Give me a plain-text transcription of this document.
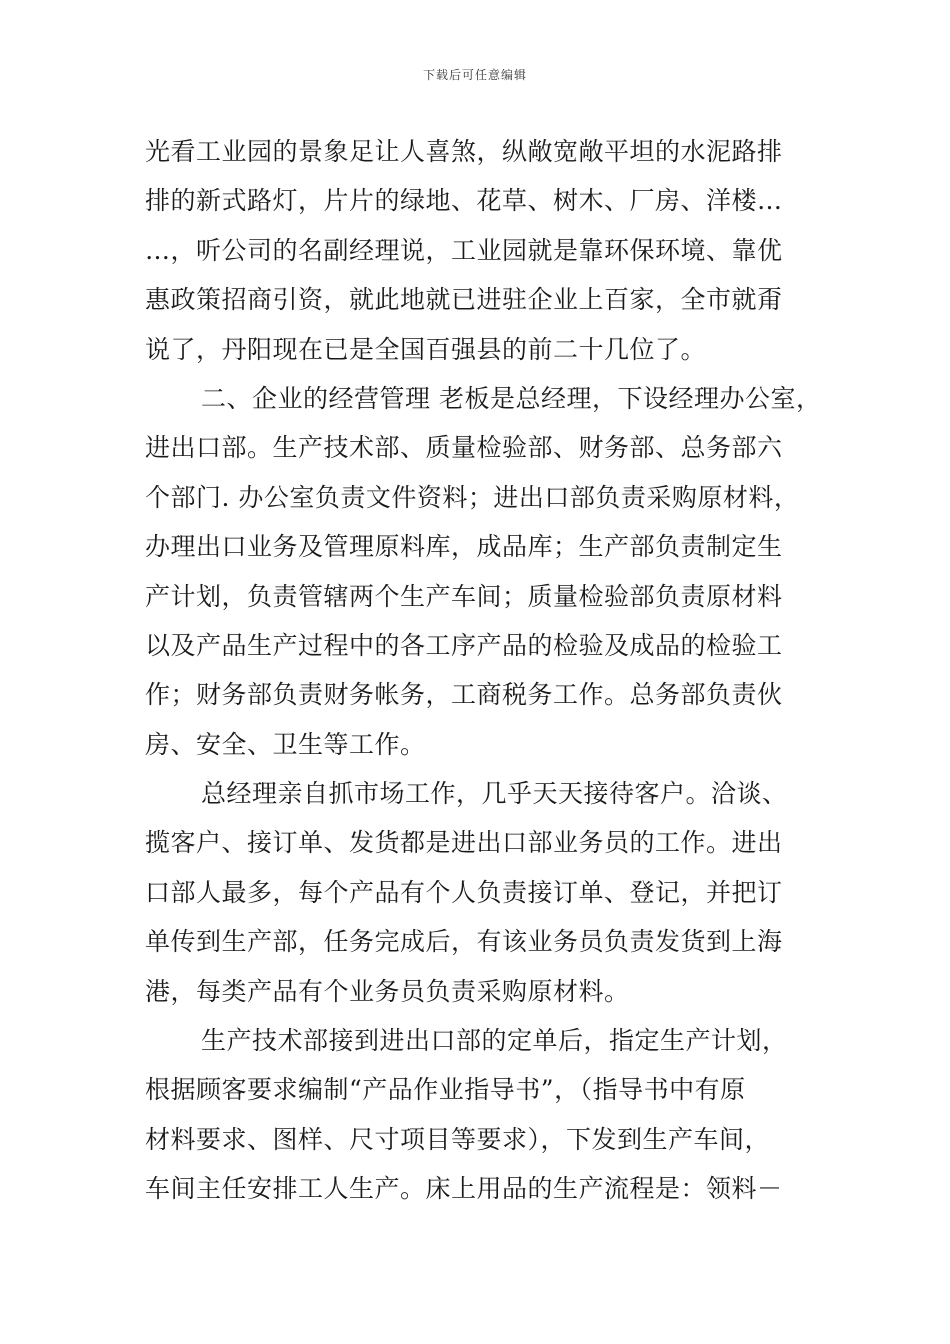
下载后可任意编辑
光看工业园的景象足让人喜煞，纵敞宽敞平坦的水泥路排
排的新式路灯，片片的绿地、花草、树木、厂房、洋楼…
…，听公司的名副经理说，工业园就是靠环保环境、靠优
惠政策招商引资，就此地就已进驻企业上百家，全市就甭
说了，丹阳现在已是全国百强县的前二十几位了。
二、企业的经营管理 老板是总经理，下设经理办公室，
进出口部。生产技术部、质量检验部、财务部、总务部六
个部门. 办公室负责文件资料；进出口部负责采购原材料，
办理出口业务及管理原料库，成品库；生产部负责制定生
产计划，负责管辖两个生产车间；质量检验部负责原材料
以及产品生产过程中的各工序产品的检验及成品的检验工
作；财务部负责财务帐务，工商税务工作。总务部负责伙
房、安全、卫生等工作。
总经理亲自抓市场工作，几乎天天接待客户。洽谈、
揽客户、接订单、发货都是进出口部业务员的工作。进出
口部人最多，每个产品有个人负责接订单、登记，并把订
单传到生产部，任务完成后，有该业务员负责发货到上海
港，每类产品有个业务员负责采购原材料。
生产技术部接到进出口部的定单后，指定生产计划，
根据顾客要求编制“产品作业指导书”，（指导书中有原
材料要求、图样、尺寸项目等要求），下发到生产车间，
车间主任安排工人生产。床上用品的生产流程是：领料－
